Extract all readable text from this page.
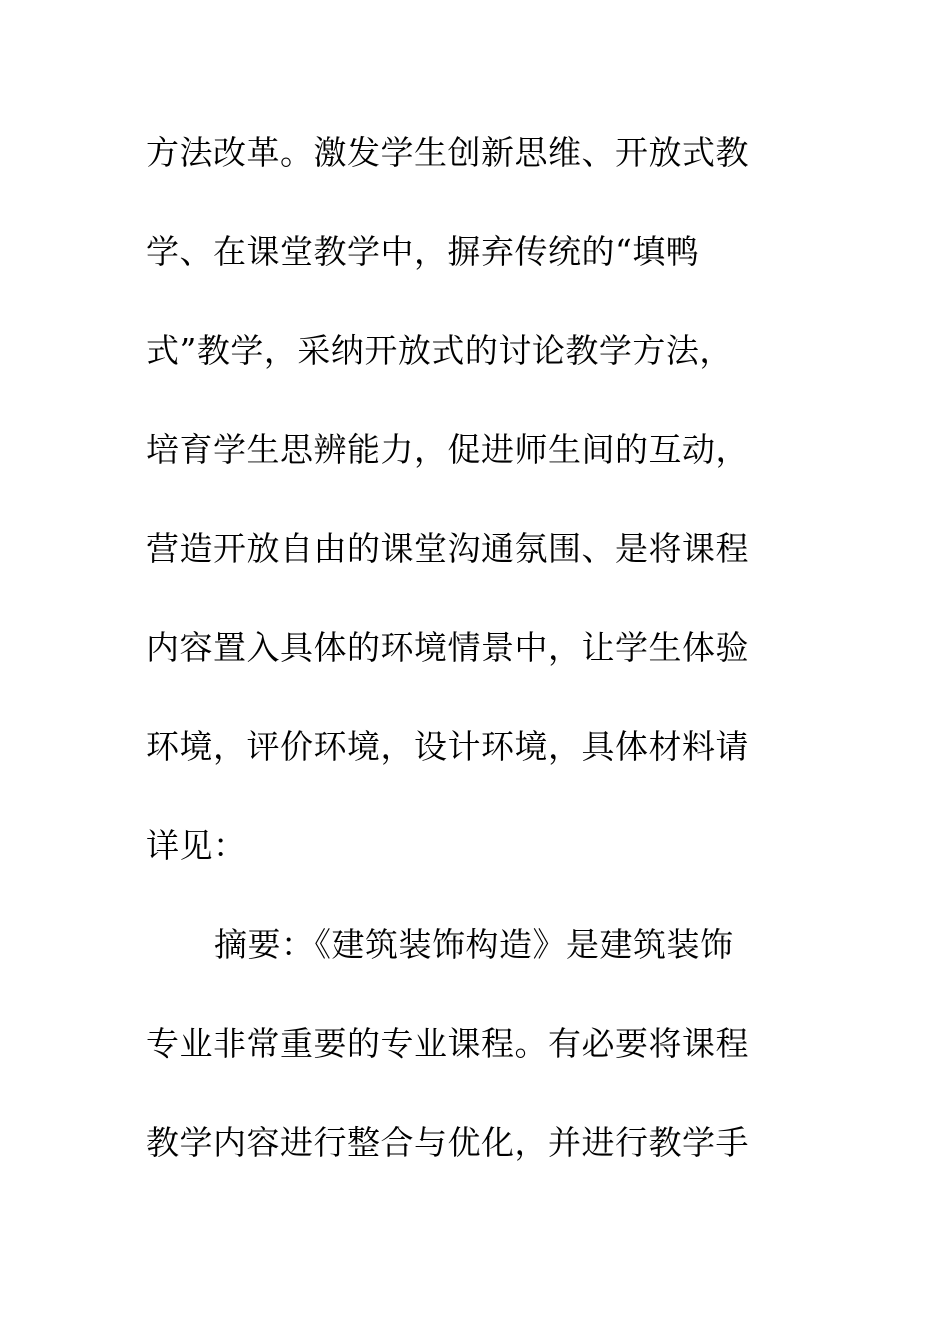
方法改革。激发学生创新思维、开放式教
学、在课堂教学中，摒弃传统的“填鸭
式”教学，采纳开放式的讨论教学方法，
培育学生思辨能力，促进师生间的互动，
营造开放自由的课堂沟通氛围、是将课程
内容置入具体的环境情景中，让学生体验
环境，评价环境，设计环境，具体材料请
详见：
摘要：《建筑装饰构造》是建筑装饰
专业非常重要的专业课程。有必要将课程
教学内容进行整合与优化，并进行教学手
